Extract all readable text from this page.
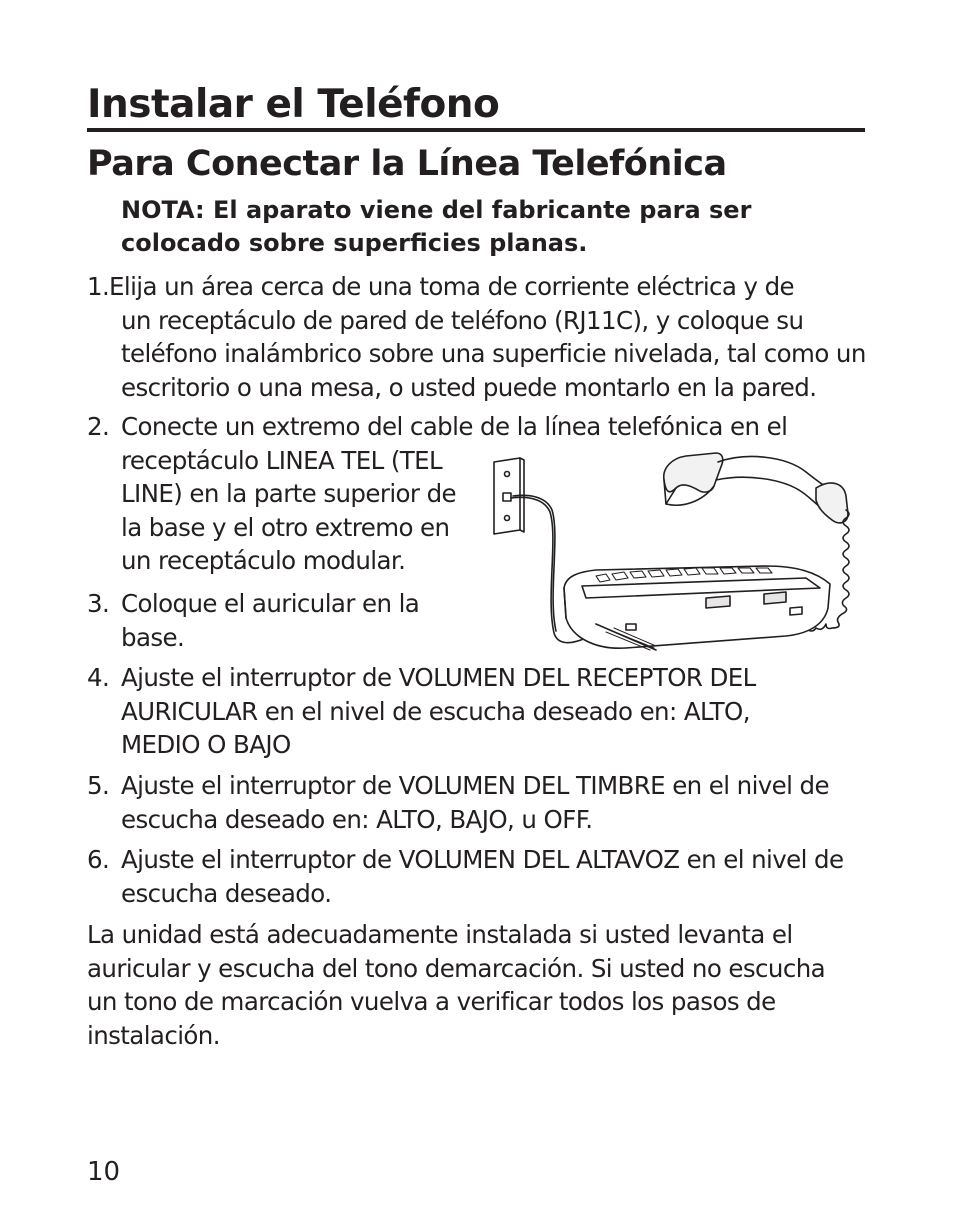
Instalar el Teléfono
Para Conectar la Línea Telefónica
NOTA: El aparato viene del fabricante para ser colocado sobre superficies planas.
1. Elija un área cerca de una toma de corriente eléctrica y de
un receptáculo de pared de teléfono (RJ11C), y coloque su teléfono inalámbrico sobre una superficie nivelada, tal como un escritorio o una mesa, o usted puede montarlo en la pared.
2. Conecte un extremo del cable de la línea telefónica en el
receptáculo LINEA TEL (TEL LINE) en la parte superior de la base y el otro extremo en un receptáculo modular.
3. Coloque el auricular en la base.
4. Ajuste el interruptor de VOLUMEN DEL RECEPTOR DEL AURICULAR en el nivel de escucha deseado en: ALTO, MEDIO O BAJO
5. Ajuste el interruptor de VOLUMEN DEL TIMBRE en el nivel de escucha deseado en: ALTO, BAJO, u OFF.
6. Ajuste el interruptor de VOLUMEN DEL ALTAVOZ en el nivel de escucha deseado.
La unidad está adecuadamente instalada si usted levanta el auricular y escucha del tono demarcación. Si usted no escucha un tono de marcación vuelva a verificar todos los pasos de instalación.
10
